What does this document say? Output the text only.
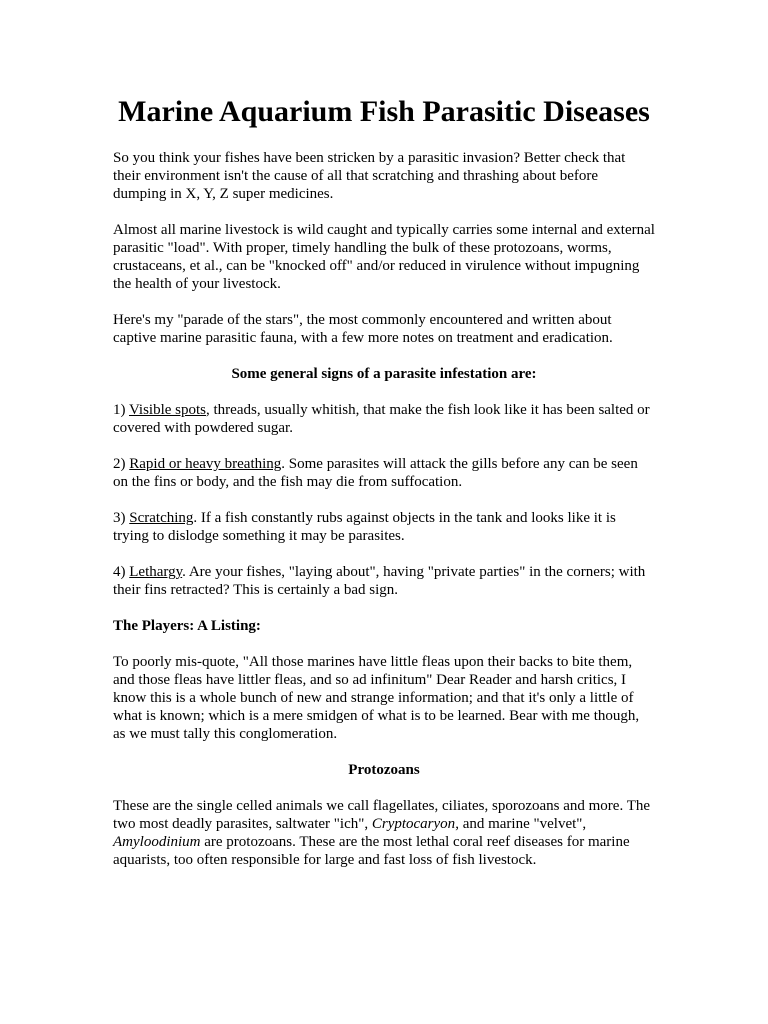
Marine Aquarium Fish Parasitic Diseases

So you think your fishes have been stricken by a parasitic invasion? Better check that their environment isn't the cause of all that scratching and thrashing about before dumping in X, Y, Z super medicines.

Almost all marine livestock is wild caught and typically carries some internal and external parasitic "load". With proper, timely handling the bulk of these protozoans, worms, crustaceans, et al., can be "knocked off" and/or reduced in virulence without impugning the health of your livestock.

Here's my "parade of the stars", the most commonly encountered and written about captive marine parasitic fauna, with a few more notes on treatment and eradication.

Some general signs of a parasite infestation are:

1) Visible spots, threads, usually whitish, that make the fish look like it has been salted or covered with powdered sugar.

2) Rapid or heavy breathing. Some parasites will attack the gills before any can be seen on the fins or body, and the fish may die from suffocation.

3) Scratching. If a fish constantly rubs against objects in the tank and looks like it is trying to dislodge something it may be parasites.

4) Lethargy. Are your fishes, "laying about", having "private parties" in the corners; with their fins retracted? This is certainly a bad sign.

The Players: A Listing:

To poorly mis-quote, "All those marines have little fleas upon their backs to bite them, and those fleas have littler fleas, and so ad infinitum" Dear Reader and harsh critics, I know this is a whole bunch of new and strange information; and that it's only a little of what is known; which is a mere smidgen of what is to be learned. Bear with me though, as we must tally this conglomeration.

Protozoans

These are the single celled animals we call flagellates, ciliates, sporozoans and more. The two most deadly parasites, saltwater "ich", Cryptocaryon, and marine "velvet", Amyloodinium are protozoans. These are the most lethal coral reef diseases for marine aquarists, too often responsible for large and fast loss of fish livestock.
